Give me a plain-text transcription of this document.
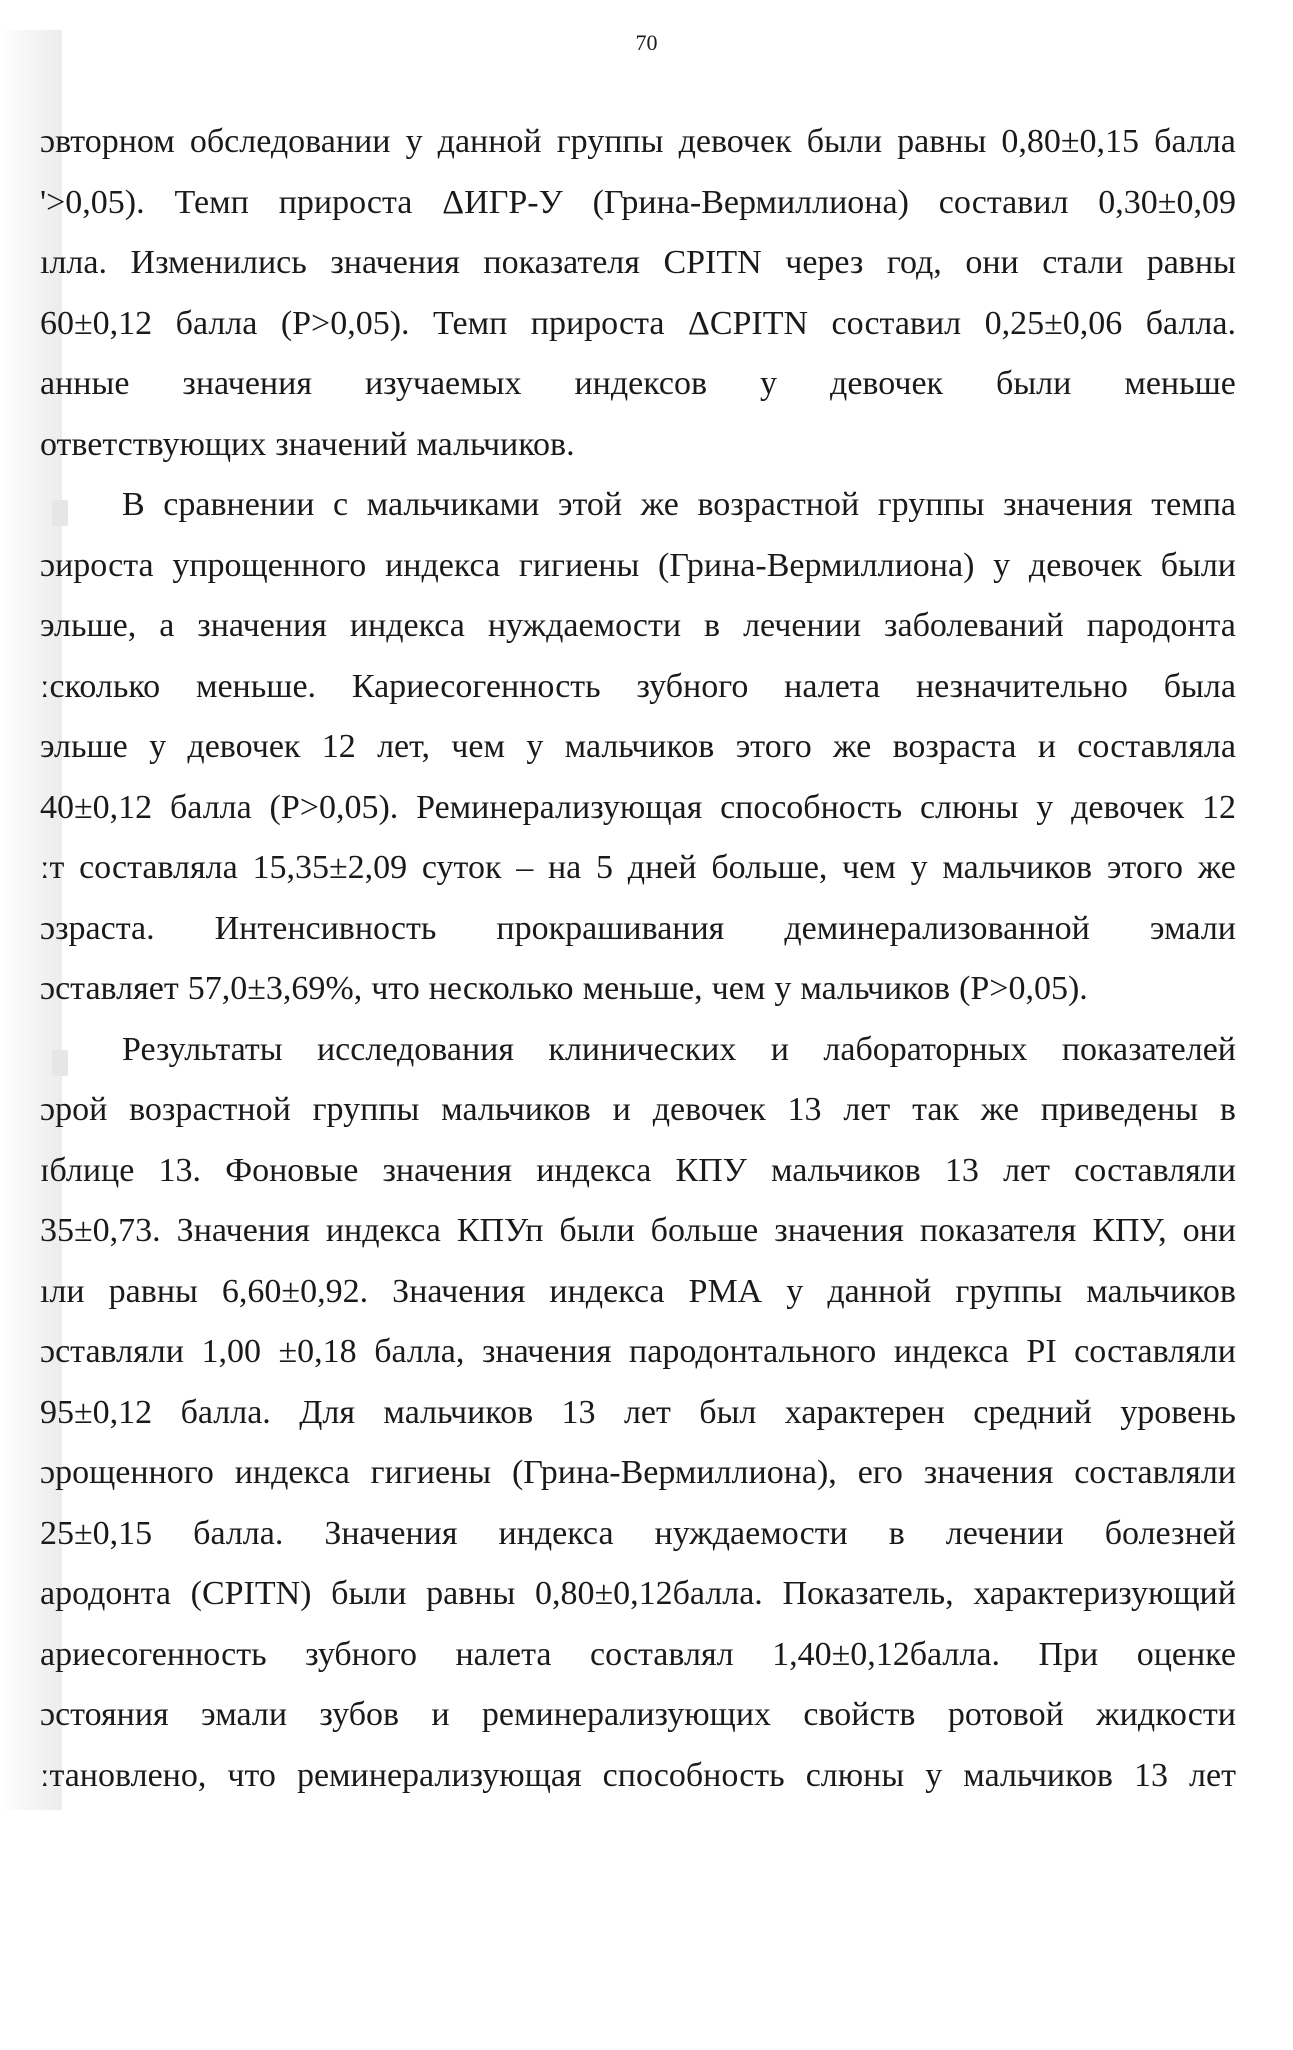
70
ɔвторном обследовании у данной группы девочек были равны 0,80±0,15 балла
'>0,05). Темп прироста ΔИГР-У (Грина-Вермиллиона) составил 0,30±0,09
ıлла. Изменились значения показателя CPITN через год, они стали равны
60±0,12 балла (P>0,05). Темп прироста ΔCPITN составил 0,25±0,06 балла.
анные значения изучаемых индексов у девочек были меньше
ответствующих значений мальчиков.
В сравнении с мальчиками этой же возрастной группы значения темпа
ɔироста упрощенного индекса гигиены (Грина-Вермиллиона) у девочек были
эльше, а значения индекса нуждаемости в лечении заболеваний пародонта
ːсколько меньше. Кариесогенность зубного налета незначительно была
эльше у девочек 12 лет, чем у мальчиков этого же возраста и составляла
40±0,12 балла (P>0,05). Реминерализующая способность слюны у девочек 12
ːт составляла 15,35±2,09 суток – на 5 дней больше, чем у мальчиков этого же
ɔзраста. Интенсивность прокрашивания деминерализованной эмали
ɔставляет 57,0±3,69%, что несколько меньше, чем у мальчиков (P>0,05).
Результаты исследования клинических и лабораторных показателей
ɔрой возрастной группы мальчиков и девочек 13 лет так же приведены в
ɪблице 13. Фоновые значения индекса КПУ мальчиков 13 лет составляли
35±0,73. Значения индекса КПУп были больше значения показателя КПУ, они
ıли равны 6,60±0,92. Значения индекса РМА у данной группы мальчиков
ɔставляли 1,00 ±0,18 балла, значения пародонтального индекса PI составляли
95±0,12 балла. Для мальчиков 13 лет был характерен средний уровень
ɔрощенного индекса гигиены (Грина-Вермиллиона), его значения составляли
25±0,15 балла. Значения индекса нуждаемости в лечении болезней
ародонта (CPITN) были равны 0,80±0,12балла. Показатель, характеризующий
ариесогенность зубного налета составлял 1,40±0,12балла. При оценке
ɔстояния эмали зубов и реминерализующих свойств ротовой жидкости
ːтановлено, что реминерализующая способность слюны у мальчиков 13 лет
